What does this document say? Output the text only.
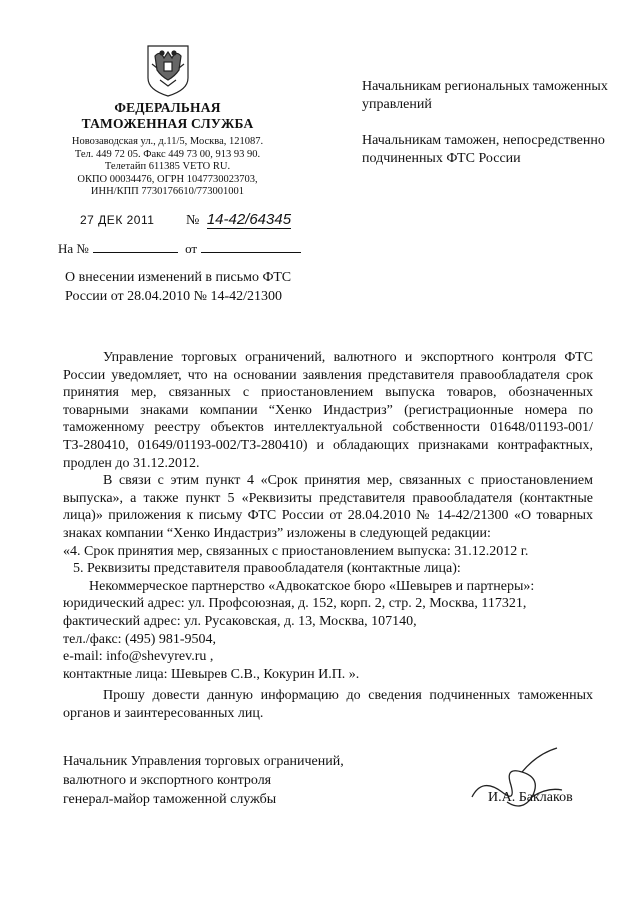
ФЕДЕРАЛЬНАЯ
ТАМОЖЕННАЯ СЛУЖБА
Новозаводская ул., д.11/5, Москва, 121087.
Тел. 449 72 05. Факс 449 73 00, 913 93 90.
Телетайп 611385 VETO RU.
ОКПО 00034476, ОГРН 1047730023703,
ИНН/КПП 7730176610/773001001
27 ДЕК 2011 № 14-42/64345
На №	от

Начальникам региональных таможенных управлений

Начальникам таможен, непосредственно подчиненных ФТС России

О внесении изменений в письмо ФТС России от 28.04.2010 № 14-42/21300

Управление торговых ограничений, валютного и экспортного контроля ФТС России уведомляет, что на основании заявления представителя правообладателя срок принятия мер, связанных с приостановлением выпуска товаров, обозначенных товарными знаками компании “Хенко Индастриз” (регистрационные номера по таможенному реестру объектов интеллектуальной собственности 01648/01193-001/ТЗ-280410, 01649/01193-002/ТЗ-280410) и обладающих признаками контрафактных, продлен до 31.12.2012.

В связи с этим пункт 4 «Срок принятия мер, связанных с приостановлением выпуска», а также пункт 5 «Реквизиты представителя правообладателя (контактные лица)» приложения к письму ФТС России от 28.04.2010 № 14-42/21300 «О товарных знаках компании “Хенко Индастриз” изложены в следующей редакции:

«4. Срок принятия мер, связанных с приостановлением выпуска: 31.12.2012 г.

5. Реквизиты представителя правообладателя (контактные лица):

Некоммерческое партнерство «Адвокатское бюро «Шевырев и партнеры»:

юридический адрес: ул. Профсоюзная, д. 152, корп. 2, стр. 2, Москва, 117321,

фактический адрес: ул. Русаковская, д. 13, Москва, 107140,

тел./факс: (495) 981-9504,

e-mail: info@shevyrev.ru ,

контактные лица: Шевырев С.В., Кокурин И.П. ».

Прошу довести данную информацию до сведения подчиненных таможенных органов и заинтересованных лиц.

Начальник Управления торговых ограничений,
валютного и экспортного контроля
генерал-майор таможенной службы	И.А. Баклаков
